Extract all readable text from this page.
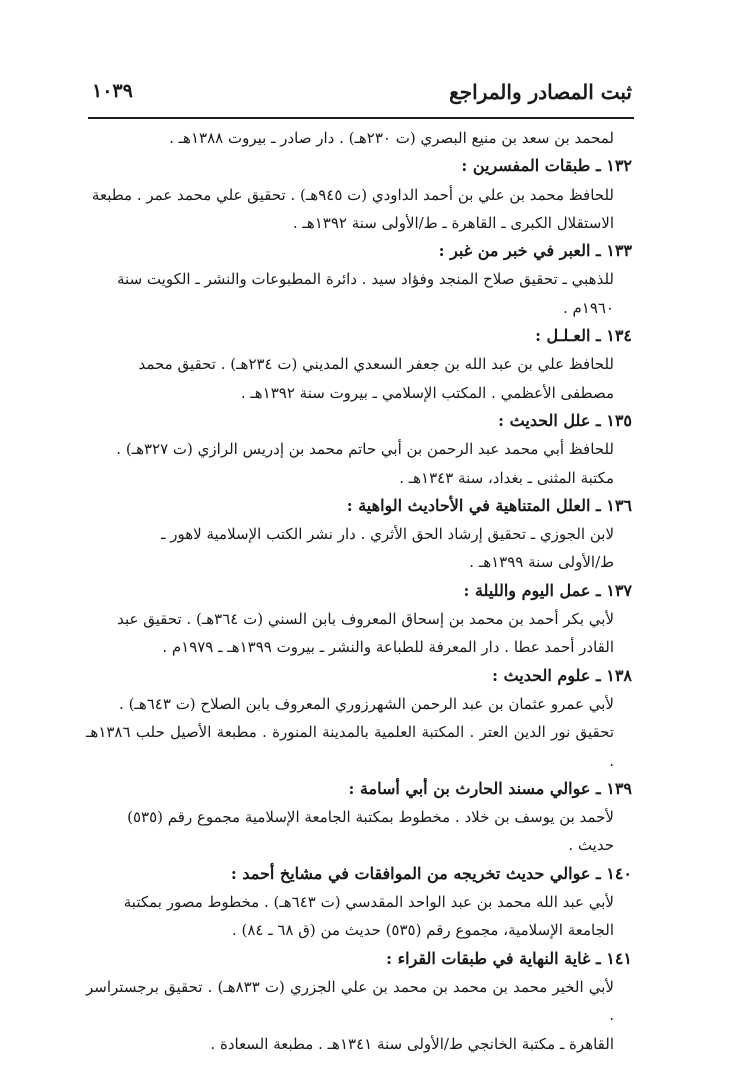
ثبت المصادر والمراجع
١٠٣٩

لمحمد بن سعد بن منيع البصري (ت ٢٣٠هـ) . دار صادر ـ بيروت ١٣٨٨هـ .

١٣٢ ـ طبقات المفسرين :

للحافظ محمد بن علي بن أحمد الداودي (ت ٩٤٥هـ) . تحقيق علي محمد عمر . مطبعة

الاستقلال الكبرى ـ القاهرة ـ ط/الأولى سنة ١٣٩٢هـ .

١٣٣ ـ العبر في خبر من غبر :

للذهبي ـ تحقيق صلاح المنجد وفؤاد سيد . دائرة المطبوعات والنشر ـ الكويت سنة

١٩٦٠م .

١٣٤ ـ العـلـل :

للحافظ علي بن عبد الله بن جعفر السعدي المديني (ت ٢٣٤هـ) . تحقيق محمد

مصطفى الأعظمي . المكتب الإسلامي ـ بيروت سنة ١٣٩٢هـ .

١٣٥ ـ علل الحديث :

للحافظ أبي محمد عبد الرحمن بن أبي حاتم محمد بن إدريس الرازي (ت ٣٢٧هـ) .

مكتبة المثنى ـ بغداد، سنة ١٣٤٣هـ .

١٣٦ ـ العلل المتناهية في الأحاديث الواهية :

لابن الجوزي ـ تحقيق إرشاد الحق الأثري . دار نشر الكتب الإسلامية لاهور ـ

ط/الأولى سنة ١٣٩٩هـ .

١٣٧ ـ عمل اليوم والليلة :

لأبي بكر أحمد بن محمد بن إسحاق المعروف بابن السني (ت ٣٦٤هـ) . تحقيق عبد

القادر أحمد عطا . دار المعرفة للطباعة والنشر ـ بيروت ١٣٩٩هـ ـ ١٩٧٩م .

١٣٨ ـ علوم الحديث :

لأبي عمرو عثمان بن عبد الرحمن الشهرزوري المعروف بابن الصلاح (ت ٦٤٣هـ) .

تحقيق نور الدين العتر . المكتبة العلمية بالمدينة المنورة . مطبعة الأصيل حلب ١٣٨٦هـ .

١٣٩ ـ عوالي مسند الحارث بن أبي أسامة :

لأحمد بن يوسف بن خلاد . مخطوط بمكتبة الجامعة الإسلامية مجموع رقم (٥٣٥)

حديث .

١٤٠ ـ عوالي حديث تخريجه من الموافقات في مشايخ أحمد :

لأبي عبد الله محمد بن عبد الواحد المقدسي (ت ٦٤٣هـ) . مخطوط مصور بمكتبة

الجامعة الإسلامية، مجموع رقم (٥٣٥) حديث من (ق ٦٨ ـ ٨٤) .

١٤١ ـ غاية النهاية في طبقات القراء :

لأبي الخير محمد بن محمد بن محمد بن علي الجزري (ت ٨٣٣هـ) . تحقيق برجستراسر .

القاهرة ـ مكتبة الخانجي ط/الأولى سنة ١٣٤١هـ . مطبعة السعادة .
